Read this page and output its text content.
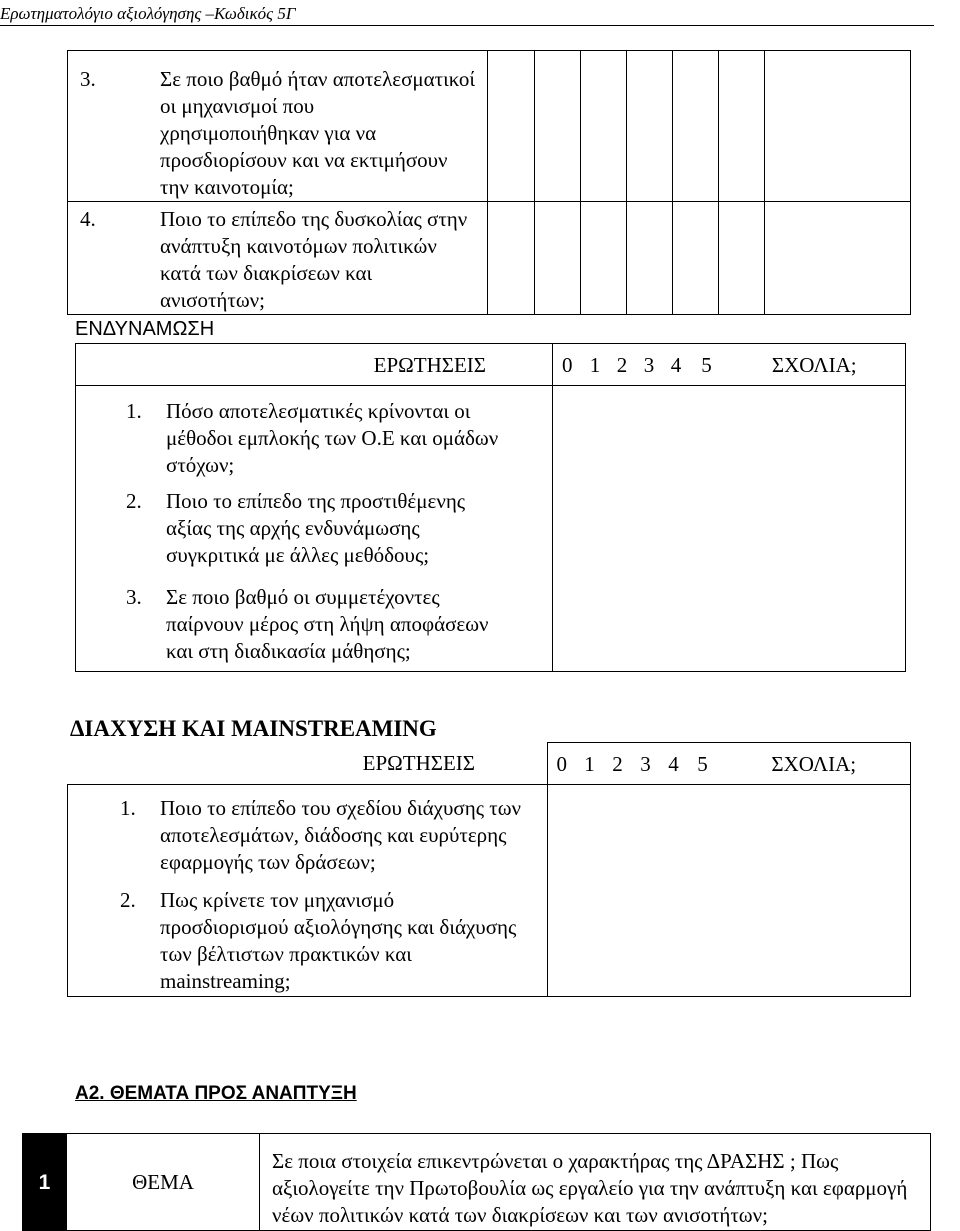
Ερωτηματολόγιο αξιολόγησης –Κωδικός 5Γ
3. Σε ποιο βαθμό ήταν αποτελεσματικοί οι μηχανισμοί που χρησιμοποιήθηκαν για να προσδιορίσουν και να εκτιμήσουν την καινοτομία;							

4. Ποιο το επίπεδο της δυσκολίας στην ανάπτυξη καινοτόμων πολιτικών κατά των διακρίσεων και ανισοτήτων;							

ΕΝΔΥΝΑΜΩΣΗ
ΕΡΩΤΗΣΕΙΣ	0	1	2	3	4	5	ΣΧΟΛΙΑ;

1. Πόσο αποτελεσματικές κρίνονται οι μέθοδοι εμπλοκής των Ο.Ε και ομάδων στόχων;							

2. Ποιο το επίπεδο της προστιθέμενης αξίας της αρχής ενδυνάμωσης συγκριτικά με άλλες μεθόδους;							

3. Σε ποιο βαθμό οι συμμετέχοντες παίρνουν μέρος στη λήψη αποφάσεων και στη διαδικασία μάθησης;							
ΔΙΑΧΥΣΗ ΚΑΙ MAINSTREAMING
ΕΡΩΤΗΣΕΙΣ	0	1	2	3	4	5	ΣΧΟΛΙΑ;

1. Ποιο το επίπεδο του σχεδίου διάχυσης των αποτελεσμάτων, διάδοσης και ευρύτερης εφαρμογής των δράσεων;							

2. Πως κρίνετε τον μηχανισμό προσδιορισμού αξιολόγησης και διάχυσης των βέλτιστων πρακτικών και mainstreaming;							
Α2. ΘΕΜΑΤΑ ΠΡΟΣ ΑΝΑΠΤΥΞΗ
1	ΘΕΜΑ	Σε ποια στοιχεία επικεντρώνεται ο χαρακτήρας της ΔΡΑΣΗΣ ; Πως αξιολογείτε την Πρωτοβουλία ως εργαλείο για την ανάπτυξη και εφαρμογή νέων πολιτικών κατά των διακρίσεων και των ανισοτήτων;
